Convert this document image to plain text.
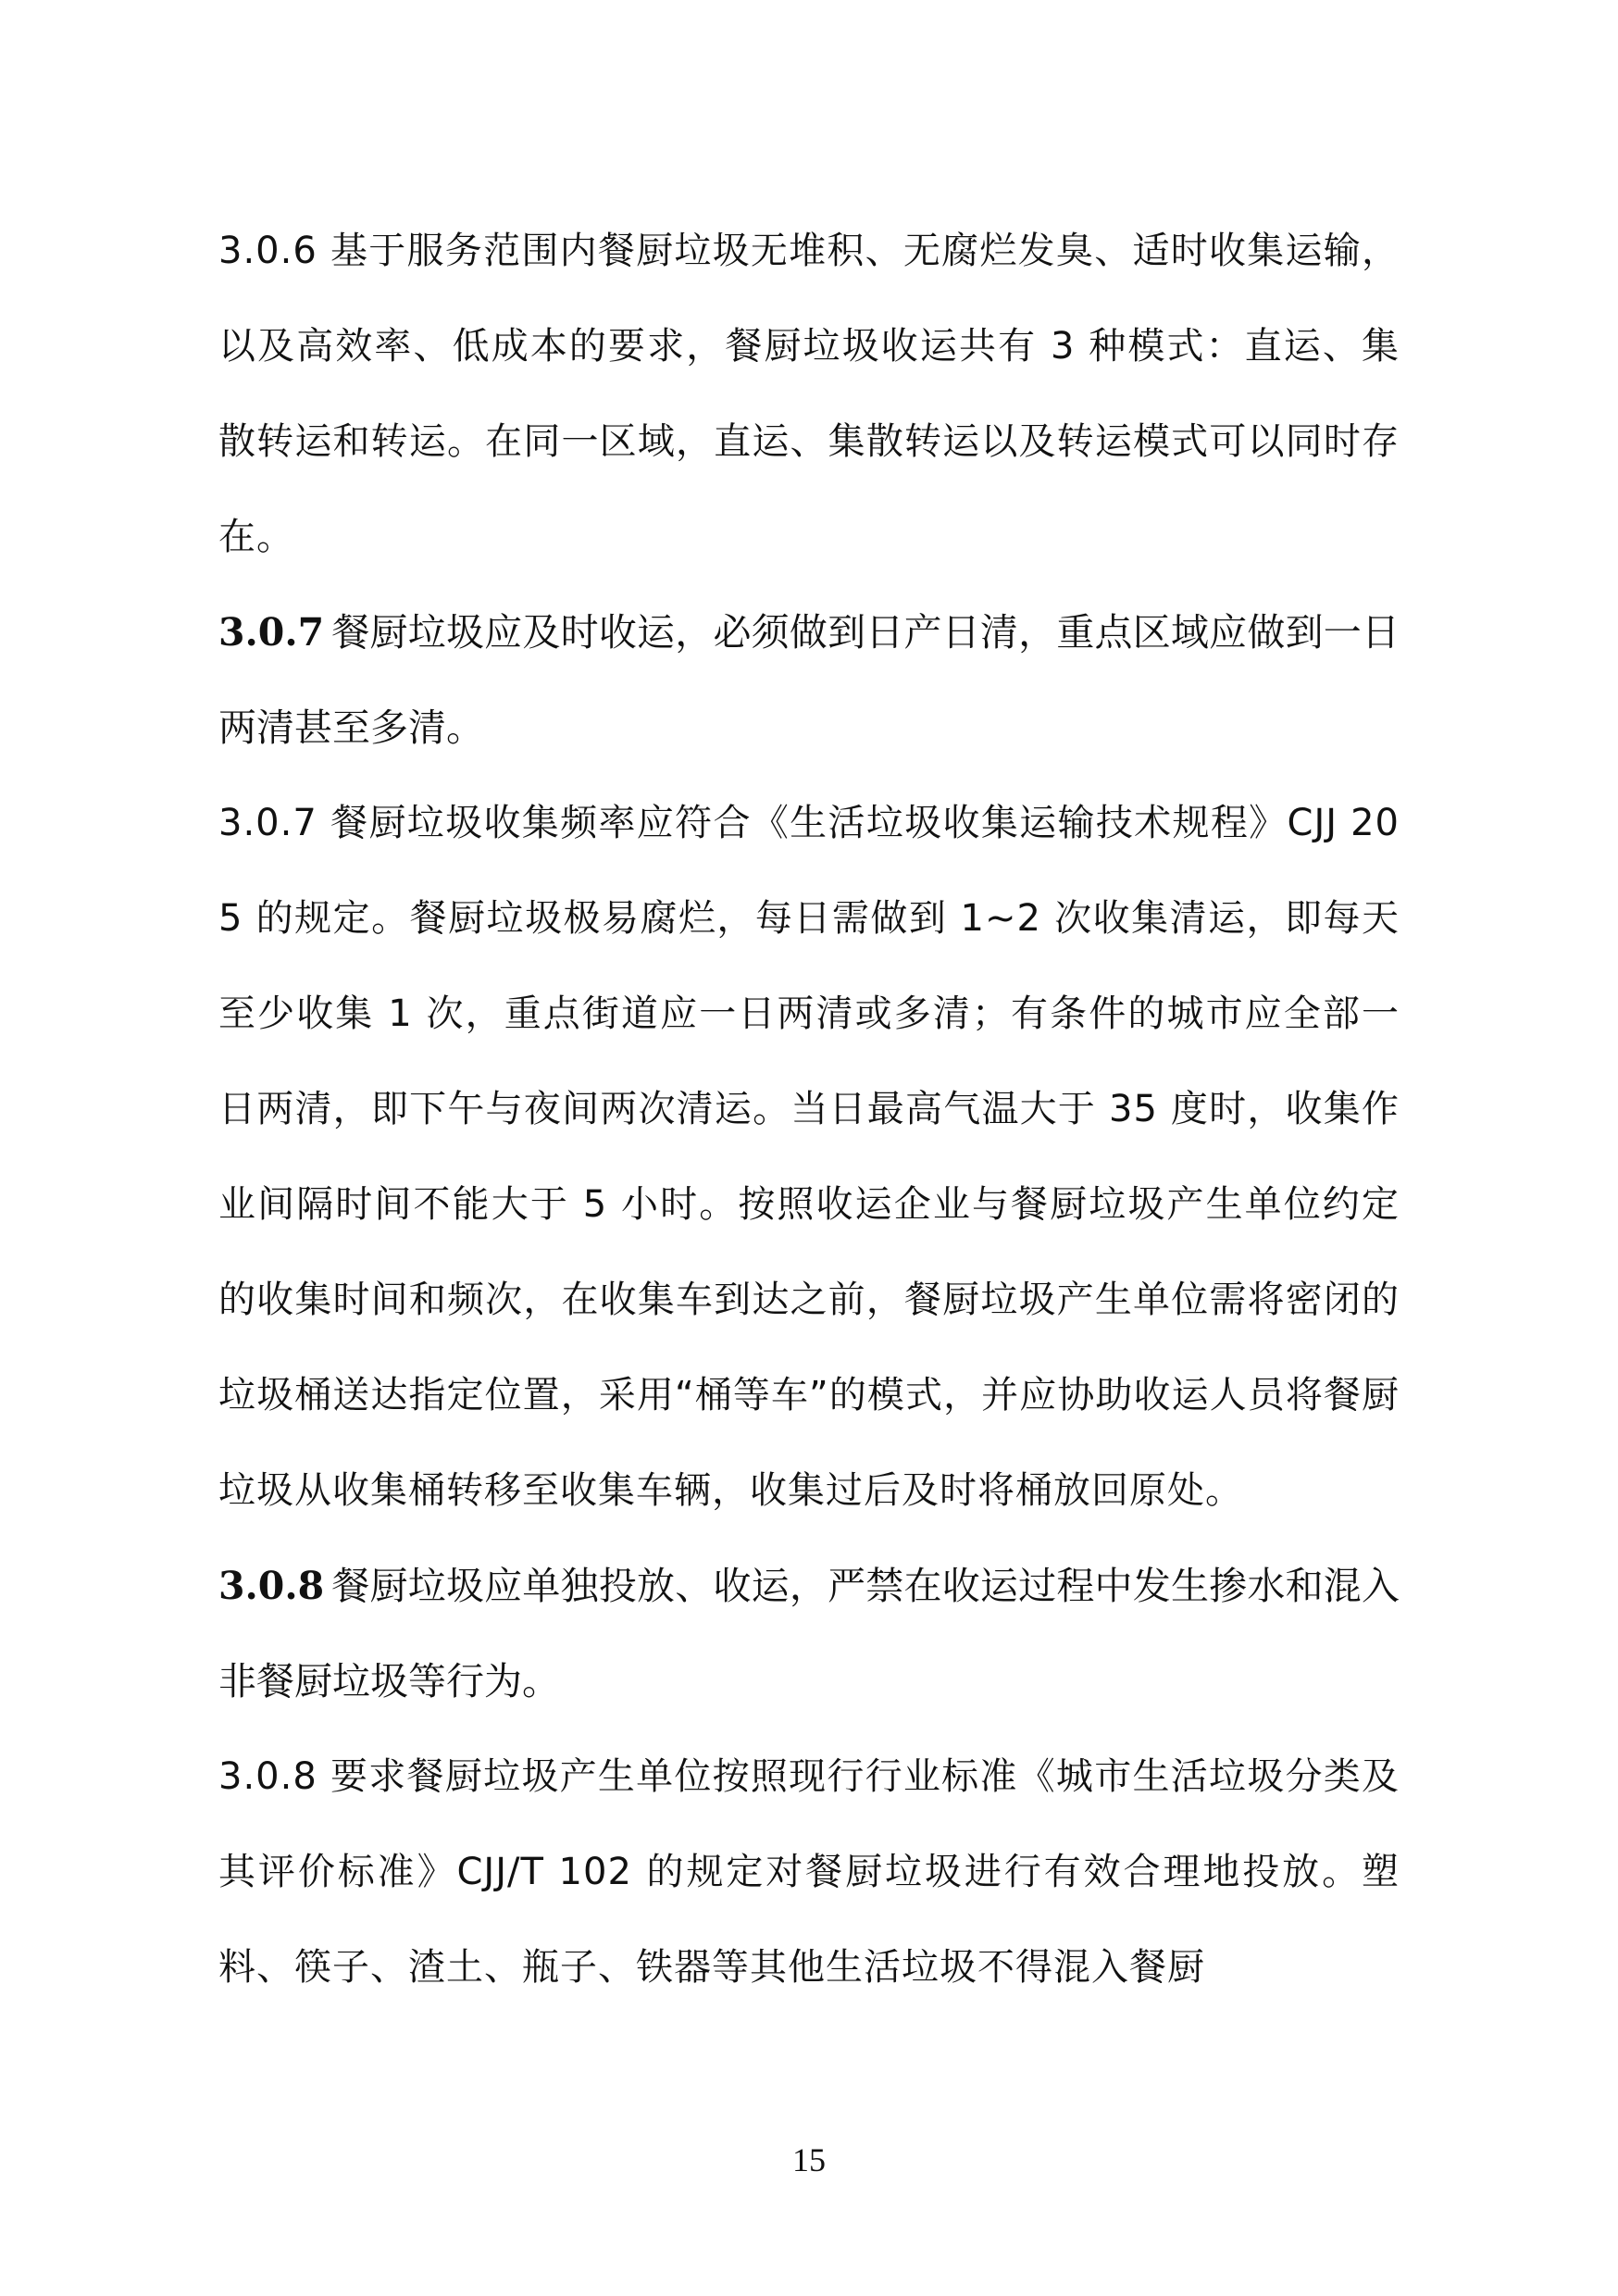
3.0.6 基于服务范围内餐厨垃圾无堆积、无腐烂发臭、适时收集运输，以及高效率、低成本的要求，餐厨垃圾收运共有 3 种模式：直运、集散转运和转运。在同一区域，直运、集散转运以及转运模式可以同时存在。

3.0.7 餐厨垃圾应及时收运，必须做到日产日清，重点区域应做到一日两清甚至多清。

3.0.7 餐厨垃圾收集频率应符合《生活垃圾收集运输技术规程》CJJ 205 的规定。餐厨垃圾极易腐烂，每日需做到 1~2 次收集清运，即每天至少收集 1 次，重点街道应一日两清或多清；有条件的城市应全部一日两清，即下午与夜间两次清运。当日最高气温大于 35 度时，收集作业间隔时间不能大于 5 小时。按照收运企业与餐厨垃圾产生单位约定的收集时间和频次，在收集车到达之前，餐厨垃圾产生单位需将密闭的垃圾桶送达指定位置，采用“桶等车”的模式，并应协助收运人员将餐厨垃圾从收集桶转移至收集车辆，收集过后及时将桶放回原处。

3.0.8 餐厨垃圾应单独投放、收运，严禁在收运过程中发生掺水和混入非餐厨垃圾等行为。

3.0.8 要求餐厨垃圾产生单位按照现行行业标准《城市生活垃圾分类及其评价标准》CJJ/T 102 的规定对餐厨垃圾进行有效合理地投放。塑料、筷子、渣土、瓶子、铁器等其他生活垃圾不得混入餐厨

15
